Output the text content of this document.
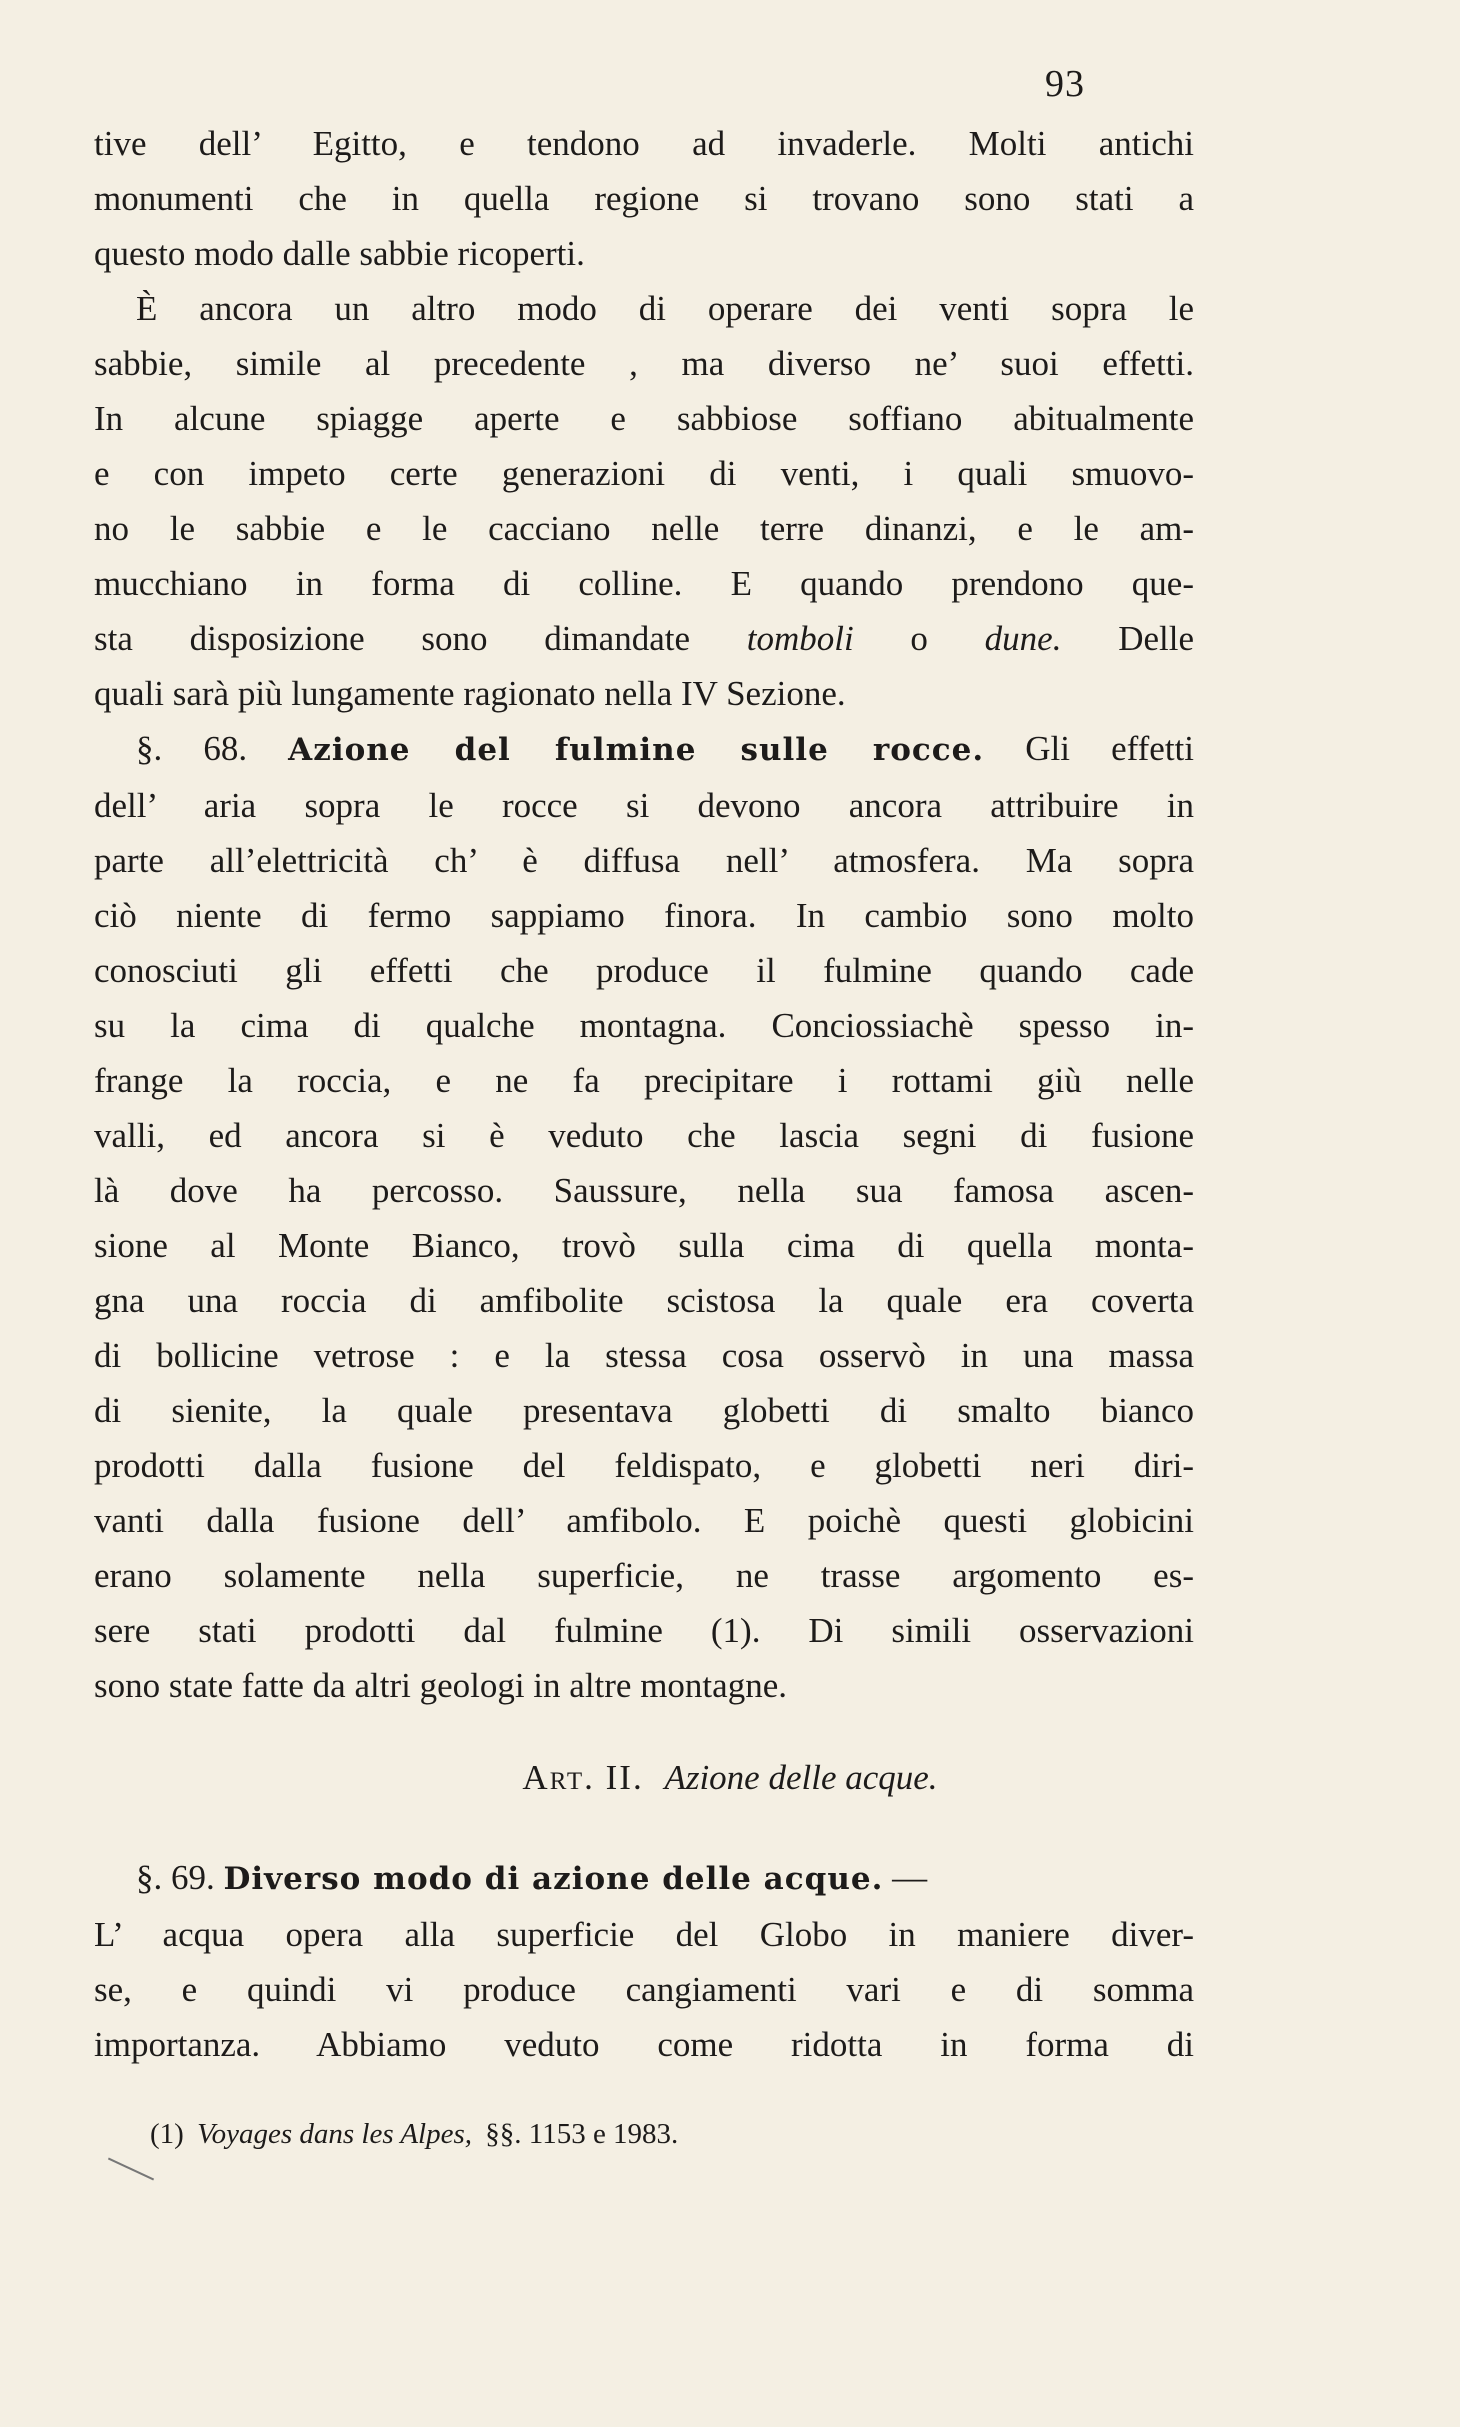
93
tive dell’ Egitto, e tendono ad invaderle. Molti antichi
monumenti che in quella regione si trovano sono stati a
questo modo dalle sabbie ricoperti.
È ancora un altro modo di operare dei venti sopra le
sabbie, simile al precedente , ma diverso ne’ suoi effetti.
In alcune spiagge aperte e sabbiose soffiano abitualmente
e con impeto certe generazioni di venti, i quali smuovo-
no le sabbie e le cacciano nelle terre dinanzi, e le am-
mucchiano in forma di colline. E quando prendono que-
sta disposizione sono dimandate tomboli o dune. Delle
quali sarà più lungamente ragionato nella IV Sezione.
§. 68. Azione del fulmine sulle rocce. Gli effetti
dell’ aria sopra le rocce si devono ancora attribuire in
parte all’elettricità ch’ è diffusa nell’ atmosfera. Ma sopra
ciò niente di fermo sappiamo finora. In cambio sono molto
conosciuti gli effetti che produce il fulmine quando cade
su la cima di qualche montagna. Conciossiachè spesso in-
frange la roccia, e ne fa precipitare i rottami giù nelle
valli, ed ancora si è veduto che lascia segni di fusione
là dove ha percosso. Saussure, nella sua famosa ascen-
sione al Monte Bianco, trovò sulla cima di quella monta-
gna una roccia di amfibolite scistosa la quale era coverta
di bollicine vetrose : e la stessa cosa osservò in una massa
di sienite, la quale presentava globetti di smalto bianco
prodotti dalla fusione del feldispato, e globetti neri diri-
vanti dalla fusione dell’ amfibolo. E poichè questi globicini
erano solamente nella superficie, ne trasse argomento es-
sere stati prodotti dal fulmine (1). Di simili osservazioni
sono state fatte da altri geologi in altre montagne.
Art. II. Azione delle acque.
§. 69. Diverso modo di azione delle acque. —
L’ acqua opera alla superficie del Globo in maniere diver-
se, e quindi vi produce cangiamenti vari e di somma
importanza. Abbiamo veduto come ridotta in forma di
(1) Voyages dans les Alpes, §§. 1153 e 1983.
